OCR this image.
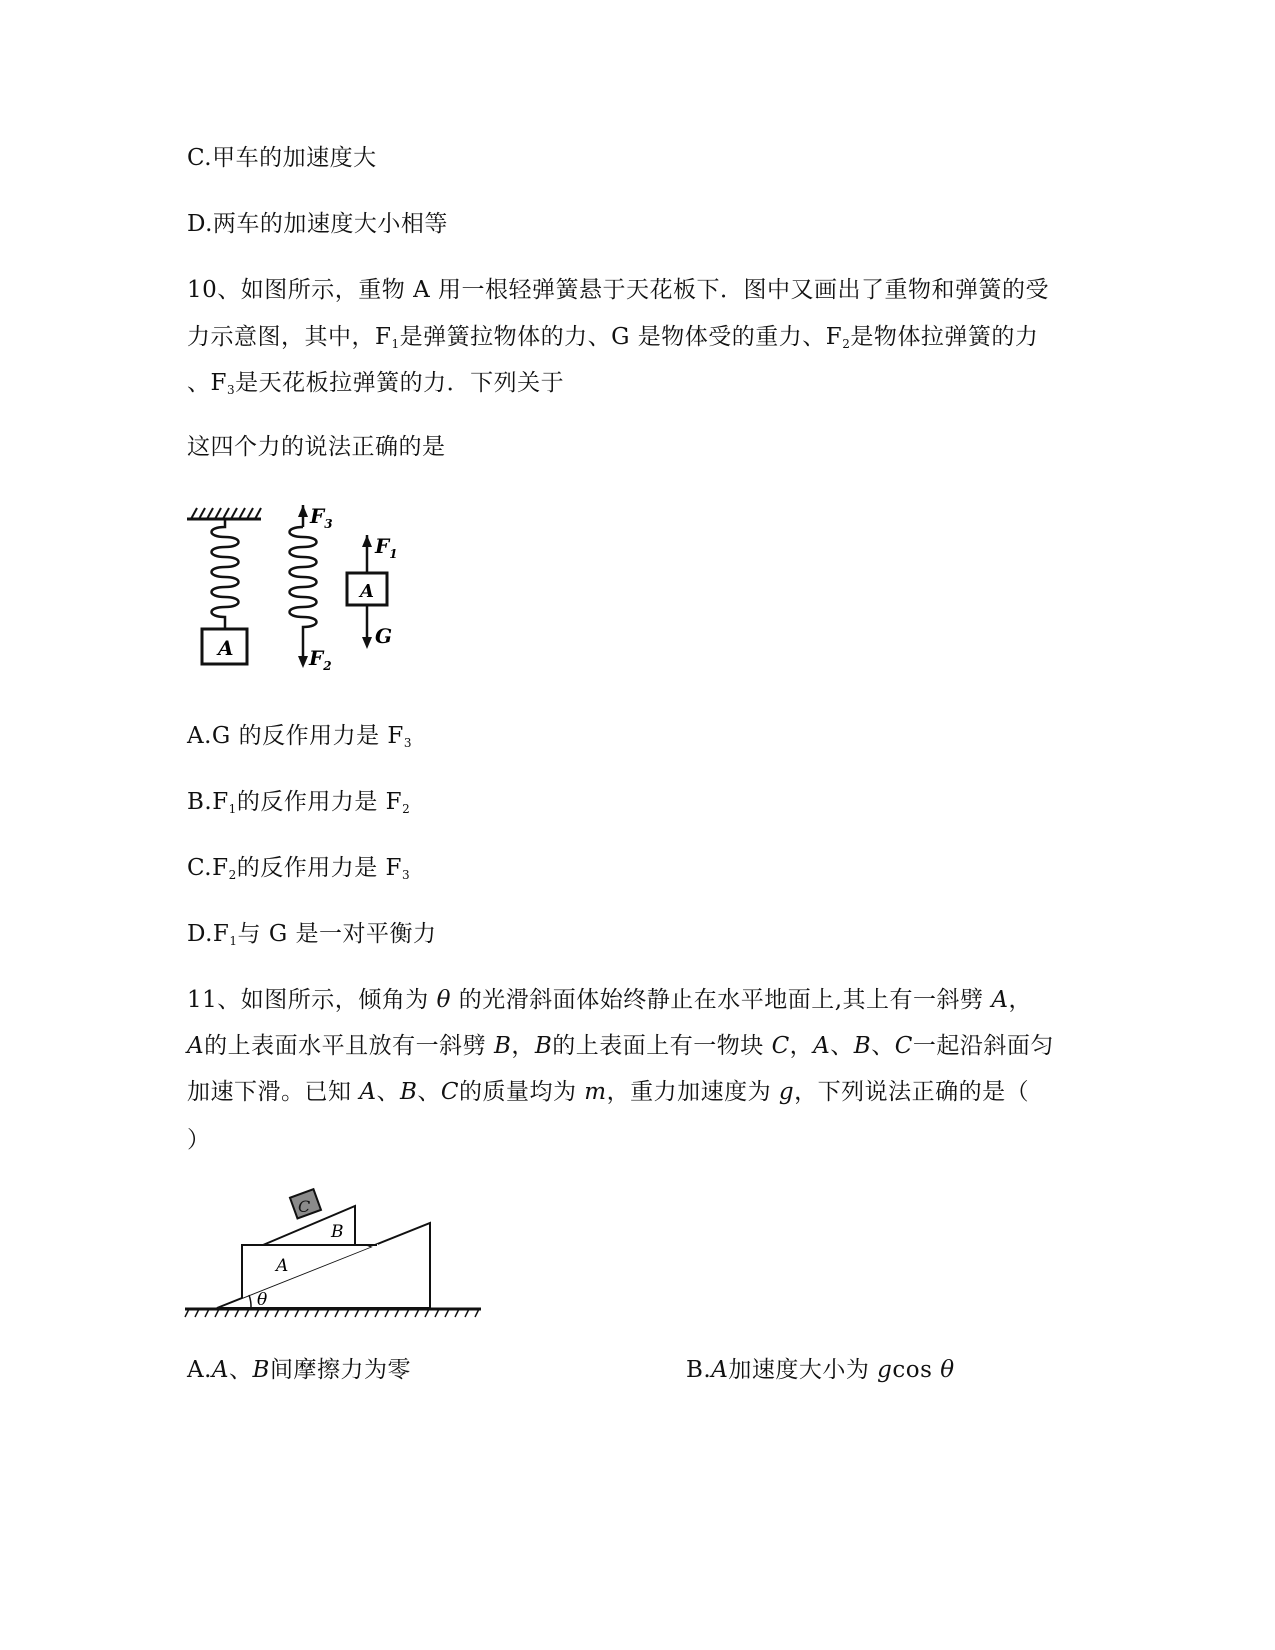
C.甲车的加速度大
D.两车的加速度大小相等
10、如图所示，重物 A 用一根轻弹簧悬于天花板下．图中又画出了重物和弹簧的受
力示意图，其中，$F_1$是弹簧拉物体的力、G 是物体受的重力、$F_2$是物体拉弹簧的力
、$F_3$是天花板拉弹簧的力．下列关于
这四个力的说法正确的是
A
$F_3$
$F_2$
A
$F_1$
G
A.G 的反作用力是 $F_3$
$B.F_1$的反作用力是 $F_2$
$C.F_2$的反作用力是 $F_3$
$D.F_1$与 G 是一对平衡力
11、如图所示，倾角为 θ 的光滑斜面体始终静止在水平地面上,其上有一斜劈 A，
A的上表面水平且放有一斜劈 B，B的上表面上有一物块 C，A、B、C一起沿斜面匀
加速下滑。已知 A、B、C的质量均为 m，重力加速度为 g，下列说法正确的是（
）
C
B
A
θ
A.A、B间摩擦力为零	B.A加速度大小为 gcos θ
